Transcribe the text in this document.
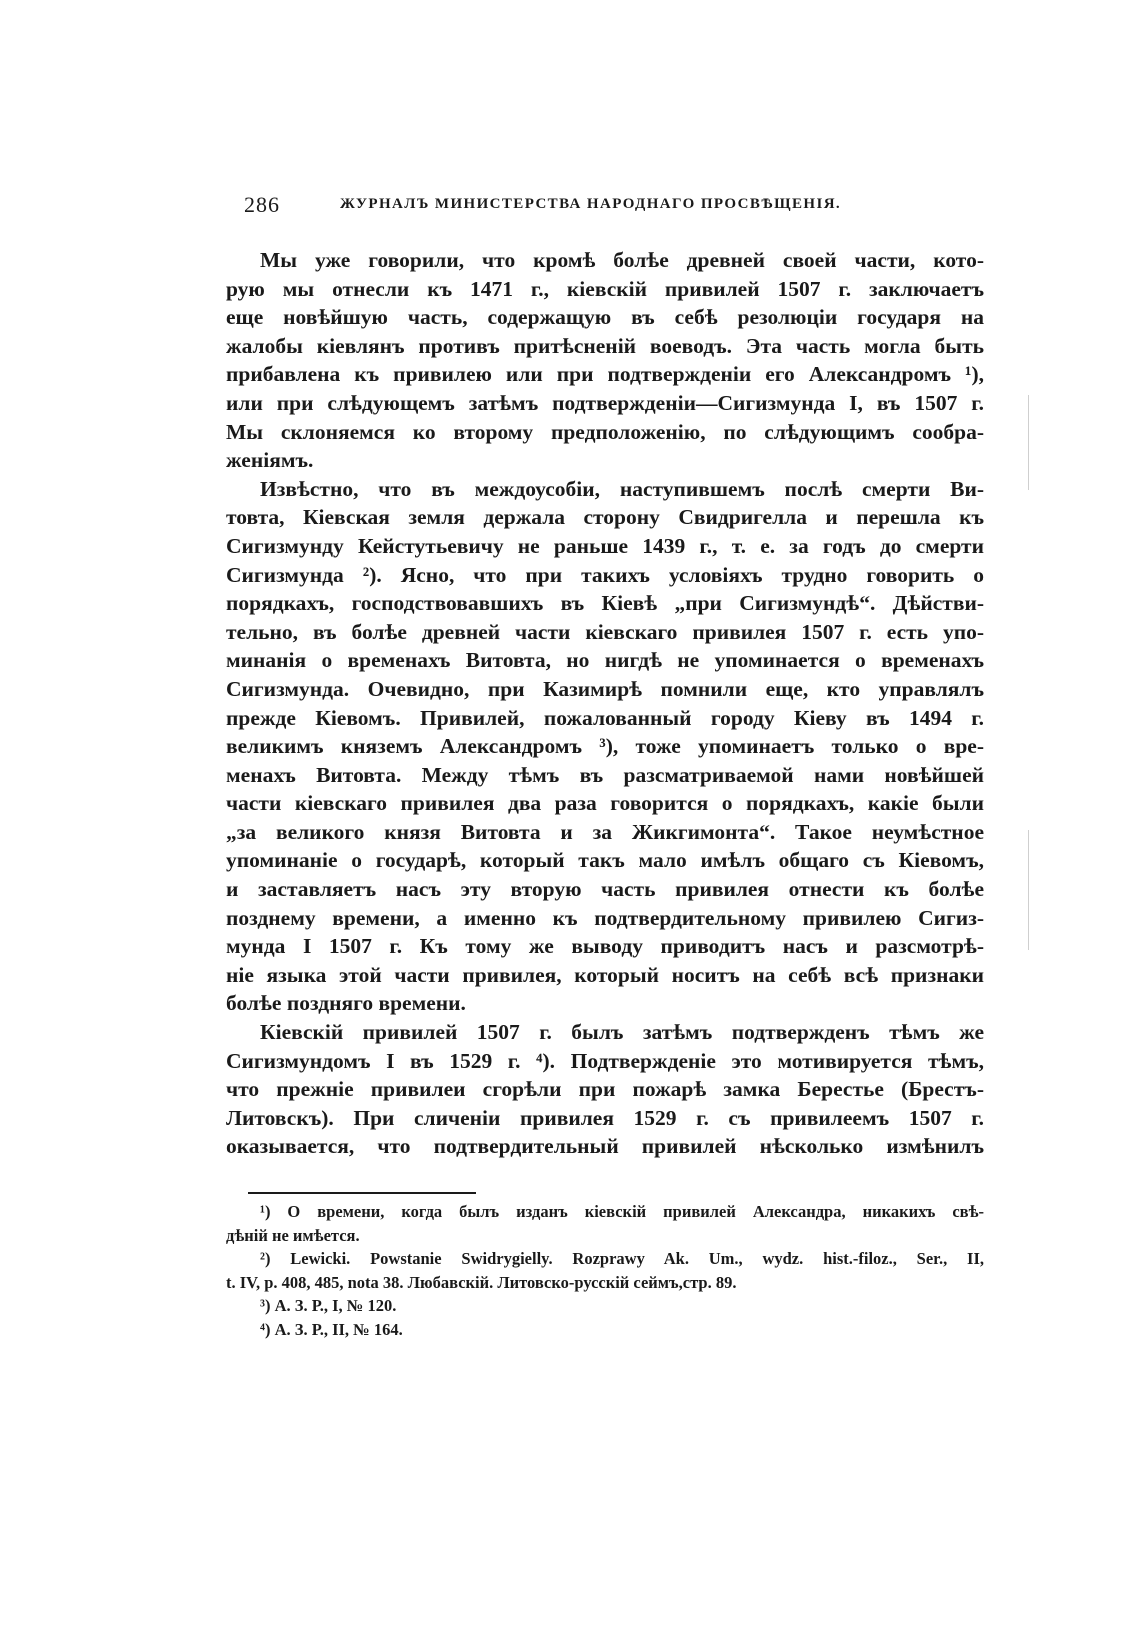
286	ЖУРНАЛЪ МИНИСТЕРСТВА НАРОДНАГО ПРОСВѢЩЕНІЯ.
Мы уже говорили, что кромѣ болѣе древней своей части, кото-
рую мы отнесли къ 1471 г., кіевскій привилей 1507 г. заключаетъ
еще новѣйшую часть, содержащую въ себѣ резолюціи государя на
жалобы кіевлянъ противъ притѣсненій воеводъ. Эта часть могла быть
прибавлена къ привилею или при подтвержденіи его Александромъ ¹),
или при слѣдующемъ затѣмъ подтвержденіи—Сигизмунда I, въ 1507 г.
Мы склоняемся ко второму предположенію, по слѣдующимъ сообра-
женіямъ.
Извѣстно, что въ междоусобіи, наступившемъ послѣ смерти Ви-
товта, Кіевская земля держала сторону Свидригелла и перешла къ
Сигизмунду Кейстутьевичу не раньше 1439 г., т. е. за годъ до смерти
Сигизмунда ²). Ясно, что при такихъ условіяхъ трудно говорить о
порядкахъ, господствовавшихъ въ Кіевѣ „при Сигизмундѣ“. Дѣйстви-
тельно, въ болѣе древней части кіевскаго привилея 1507 г. есть упо-
минанія о временахъ Витовта, но нигдѣ не упоминается о временахъ
Сигизмунда. Очевидно, при Казимирѣ помнили еще, кто управлялъ
прежде Кіевомъ. Привилей, пожалованный городу Кіеву въ 1494 г.
великимъ княземъ Александромъ ³), тоже упоминаетъ только о вре-
менахъ Витовта. Между тѣмъ въ разсматриваемой нами новѣйшей
части кіевскаго привилея два раза говорится о порядкахъ, какіе были
„за великого князя Витовта и за Жикгимонта“. Такое неумѣстное
упоминаніе о государѣ, который такъ мало имѣлъ общаго съ Кіевомъ,
и заставляетъ насъ эту вторую часть привилея отнести къ болѣе
позднему времени, а именно къ подтвердительному привилею Сигиз-
мунда I 1507 г. Къ тому же выводу приводитъ насъ и разсмотрѣ-
ніе языка этой части привилея, который носитъ на себѣ всѣ признаки
болѣе поздняго времени.
Кіевскій привилей 1507 г. былъ затѣмъ подтвержденъ тѣмъ же
Сигизмундомъ I въ 1529 г. ⁴). Подтвержденіе это мотивируется тѣмъ,
что прежніе привилеи сгорѣли при пожарѣ замка Берестье (Брестъ-
Литовскъ). При сличеніи привилея 1529 г. съ привилеемъ 1507 г.
оказывается, что подтвердительный привилей нѣсколько измѣнилъ
¹) О времени, когда былъ изданъ кіевскій привилей Александра, никакихъ свѣ-
дѣній не имѣется.
²) Lewicki. Powstanie Swidrygielly. Rozprawy Ak. Um., wydz. hist.-filoz., Ser., II,
t. IV, p. 408, 485, nota 38. Любавскій. Литовско-русскій сеймъ,стр. 89.
³) А. З. Р., I, № 120.
⁴) А. З. Р., II, № 164.
